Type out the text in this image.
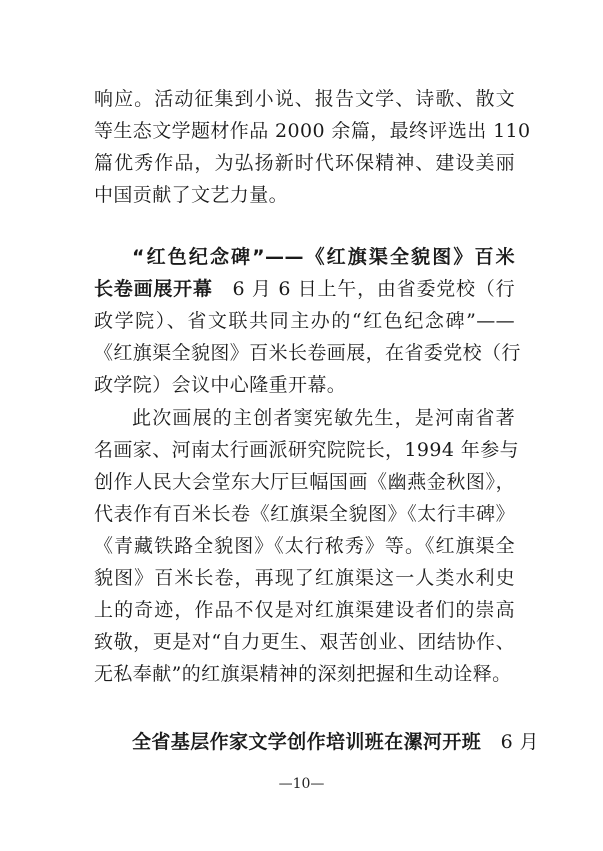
响应。活动征集到小说、报告文学、诗歌、散文
等生态文学题材作品 2000 余篇，最终评选出 110
篇优秀作品，为弘扬新时代环保精神、建设美丽
中国贡献了文艺力量。
“红色纪念碑”——《红旗渠全貌图》百米
长卷画展开幕　6 月 6 日上午，由省委党校（行
政学院）、省文联共同主办的“红色纪念碑”——
《红旗渠全貌图》百米长卷画展，在省委党校（行
政学院）会议中心隆重开幕。
此次画展的主创者窦宪敏先生，是河南省著
名画家、河南太行画派研究院院长，1994 年参与
创作人民大会堂东大厅巨幅国画《幽燕金秋图》，
代表作有百米长卷《红旗渠全貌图》《太行丰碑》
《青藏铁路全貌图》《太行秾秀》等。《红旗渠全
貌图》百米长卷，再现了红旗渠这一人类水利史
上的奇迹，作品不仅是对红旗渠建设者们的崇高
致敬，更是对“自力更生、艰苦创业、团结协作、
无私奉献”的红旗渠精神的深刻把握和生动诠释。
全省基层作家文学创作培训班在漯河开班　6 月
—10—
